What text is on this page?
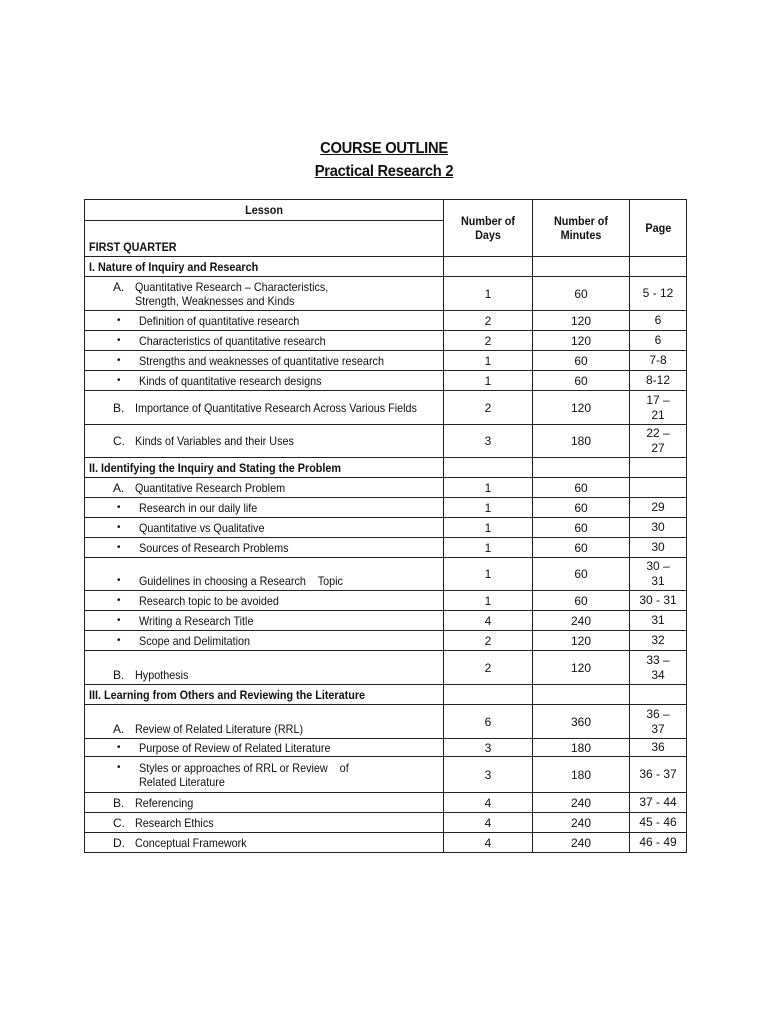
COURSE OUTLINE
Practical Research 2
Lesson	Number of Days	Number of Minutes	Page
FIRST QUARTER			
I. Nature of Inquiry and Research			

A. Quantitative Research – Characteristics, Strength, Weaknesses and Kinds	1	60	5 - 12

• Definition of quantitative research	2	120	6

• Characteristics of quantitative research	2	120	6

• Strengths and weaknesses of quantitative research	1	60	7-8

• Kinds of quantitative research designs	1	60	8-12

B. Importance of Quantitative Research Across Various Fields	2	120	17 – 21

C. Kinds of Variables and their Uses	3	180	22 – 27
II. Identifying the Inquiry and Stating the Problem			

A. Quantitative Research Problem	1	60	

• Research in our daily life	1	60	29

• Quantitative vs Qualitative	1	60	30

• Sources of Research Problems	1	60	30

• Guidelines in choosing a Research    Topic	1	60	30 – 31

• Research topic to be avoided	1	60	30 - 31

• Writing a Research Title	4	240	31

• Scope and Delimitation	2	120	32

B. Hypothesis	2	120	33 – 34
III. Learning from Others and Reviewing the Literature			

A. Review of Related Literature (RRL)	6	360	36 – 37

• Purpose of Review of Related Literature	3	180	36

• Styles or approaches of RRL or Review    of Related Literature	3	180	36 - 37

B. Referencing	4	240	37 - 44

C. Research Ethics	4	240	45 - 46

D. Conceptual Framework	4	240	46 - 49
